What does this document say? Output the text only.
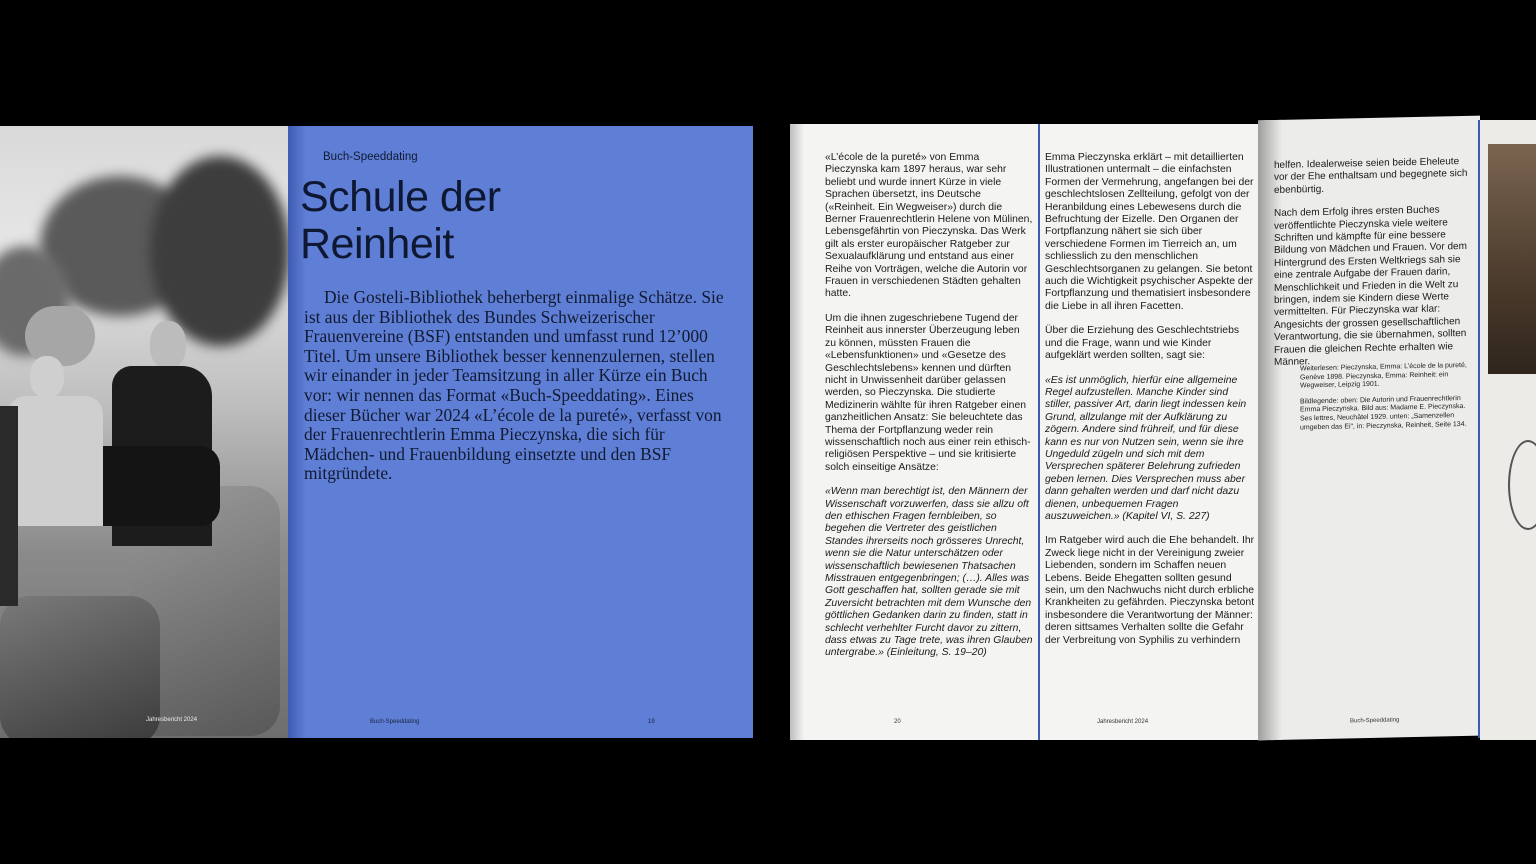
Jahresbericht 2024
Buch-Speeddating
Schule der
Reinheit
Die Gosteli-Bibliothek beherbergt einmalige Schätze. Sie ist aus der Bibliothek des Bundes Schweizerischer Frauenvereine (BSF) entstanden und umfasst rund 12’000 Titel. Um unsere Bibliothek besser kennenzulernen, stellen wir einander in jeder Teamsitzung in aller Kürze ein Buch vor: wir nennen das Format «Buch-Speeddating». Eines dieser Bücher war 2024 «L’école de la pureté», verfasst von der Frauenrechtlerin Emma Pieczynska, die sich für Mädchen- und Frauenbildung einsetzte und den BSF mitgründete.
Buch-Speeddating	19

«L’école de la pureté» von Emma Pieczynska kam 1897 heraus, war sehr beliebt und wurde innert Kürze in viele Sprachen übersetzt, ins Deutsche («Reinheit. Ein Wegweiser») durch die Berner Frauenrechtlerin Helene von Mülinen, Lebensgefährtin von Pieczynska. Das Werk gilt als erster europäischer Ratgeber zur Sexualaufklärung und entstand aus einer Reihe von Vorträgen, welche die Autorin vor Frauen in verschiedenen Städten gehalten hatte.

Um die ihnen zugeschriebene Tugend der Reinheit aus innerster Überzeugung leben zu können, müssten Frauen die «Lebensfunktionen» und «Gesetze des Geschlechtslebens» kennen und dürften nicht in Unwissenheit darüber gelassen werden, so Pieczynska. Die studierte Medizinerin wählte für ihren Ratgeber einen ganzheitlichen Ansatz: Sie beleuchtete das Thema der Fortpflanzung weder rein wissenschaftlich noch aus einer rein ethisch-religiösen Perspektive – und sie kritisierte solch einseitige Ansätze:

«Wenn man berechtigt ist, den Männern der Wissenschaft vorzuwerfen, dass sie allzu oft den ethischen Fragen fernbleiben, so begehen die Vertreter des geistlichen Standes ihrerseits noch grösseres Unrecht, wenn sie die Natur unterschätzen oder wissenschaftlich bewiesenen Thatsachen Misstrauen entgegenbringen; (…). Alles was Gott geschaffen hat, sollten gerade sie mit Zuversicht betrachten mit dem Wunsche den göttlichen Gedanken darin zu finden, statt in schlecht verhehlter Furcht davor zu zittern, dass etwas zu Tage trete, was ihren Glauben untergrabe.» (Einleitung, S. 19–20)

Emma Pieczynska erklärt – mit detaillierten Illustrationen untermalt – die einfachsten Formen der Vermehrung, angefangen bei der geschlechtslosen Zellteilung, gefolgt von der Heranbildung eines Lebewesens durch die Befruchtung der Eizelle. Den Organen der Fortpflanzung nähert sie sich über verschiedene Formen im Tierreich an, um schliesslich zu den menschlichen Geschlechtsorganen zu gelangen. Sie betont auch die Wichtigkeit psychischer Aspekte der Fortpflanzung und thematisiert insbesondere die Liebe in all ihren Facetten.

Über die Erziehung des Geschlechtstriebs und die Frage, wann und wie Kinder aufgeklärt werden sollten, sagt sie:

«Es ist unmöglich, hierfür eine allgemeine Regel aufzustellen. Manche Kinder sind stiller, passiver Art, darin liegt indessen kein Grund, allzulange mit der Aufklärung zu zögern. Andere sind frühreif, und für diese kann es nur von Nutzen sein, wenn sie ihre Ungeduld zügeln und sich mit dem Versprechen späterer Belehrung zufrieden geben lernen. Dies Versprechen muss aber dann gehalten werden und darf nicht dazu dienen, unbequemen Fragen auszuweichen.» (Kapitel VI, S. 227)

Im Ratgeber wird auch die Ehe behandelt. Ihr Zweck liege nicht in der Vereinigung zweier Liebenden, sondern im Schaffen neuen Lebens. Beide Ehegatten sollten gesund sein, um den Nachwuchs nicht durch erbliche Krankheiten zu gefährden. Pieczynska betont insbesondere die Verantwortung der Männer: deren sittsames Verhalten sollte die Gefahr der Verbreitung von Syphilis zu verhindern

20	Jahresbericht 2024

helfen. Idealerweise seien beide Eheleute vor der Ehe enthaltsam und begegnete sich ebenbürtig.

Nach dem Erfolg ihres ersten Buches veröffentlichte Pieczynska viele weitere Schriften und kämpfte für eine bessere Bildung von Mädchen und Frauen. Vor dem Hintergrund des Ersten Weltkriegs sah sie eine zentrale Aufgabe der Frauen darin, Menschlichkeit und Frieden in die Welt zu bringen, indem sie Kindern diese Werte vermittelten. Für Pieczynska war klar: Angesichts der grossen gesellschaftlichen Verantwortung, die sie übernahmen, sollten Frauen die gleichen Rechte erhalten wie Männer.

Weiterlesen: Pieczynska, Emma: L’école de la pureté, Genève 1898. Pieczynska, Emma: Reinheit: ein Wegweiser, Leipzig 1901.

Bildlegende: oben: Die Autorin und Frauenrechtlerin Emma Pieczynska. Bild aus: Madame E. Pieczynska. Ses lettres, Neuchâtel 1929. unten: „Samenzellen umgeben das Ei“, in: Pieczynska, Reinheit, Seite 134.

Buch-Speeddating
